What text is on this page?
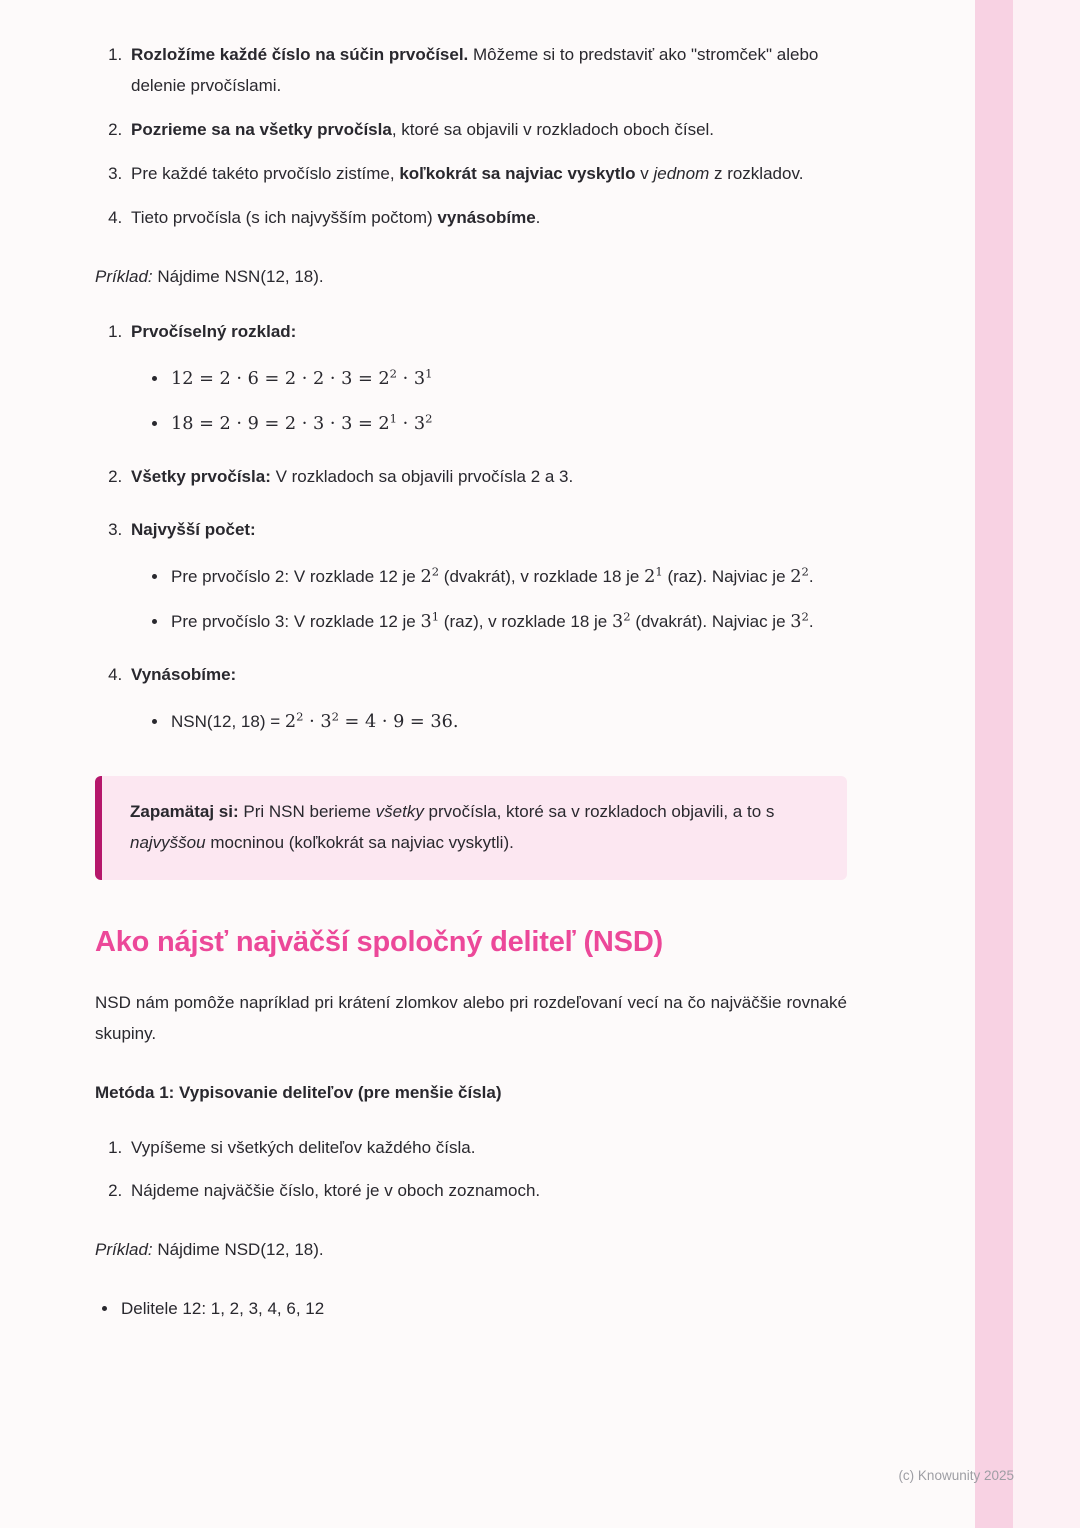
1. Rozložíme každé číslo na súčin prvočísel. Môžeme si to predstaviť ako "stromček" alebo delenie prvočíslami.
2. Pozrieme sa na všetky prvočísla, ktoré sa objavili v rozkladoch oboch čísel.
3. Pre každé takéto prvočíslo zistíme, koľkokrát sa najviac vyskytlo v jednom z rozkladov.
4. Tieto prvočísla (s ich najvyšším počtom) vynásobíme.

Príklad: Nájdime NSN(12, 18).

1. Prvočíselný rozklad:
• $12 = 2 \cdot 6 = 2 \cdot 2 \cdot 3 = 2^2 \cdot 3^1$
• $18 = 2 \cdot 9 = 2 \cdot 3 \cdot 3 = 2^1 \cdot 3^2$
2. Všetky prvočísla: V rozkladoch sa objavili prvočísla 2 a 3.
3. Najvyšší počet:
• Pre prvočíslo 2: V rozklade 12 je $2^2$ (dvakrát), v rozklade 18 je $2^1$ (raz). Najviac je $2^2$.
• Pre prvočíslo 3: V rozklade 12 je $3^1$ (raz), v rozklade 18 je $3^2$ (dvakrát). Najviac je $3^2$.
4. Vynásobíme:
• NSN(12, $18) = 2^2 \cdot 3^2 = 4 \cdot 9 = 36$.
Zapamätaj si: Pri NSN berieme všetky prvočísla, ktoré sa v rozkladoch objavili, a to s najvyššou mocninou (koľkokrát sa najviac vyskytli).
Ako nájsť najväčší spoločný deliteľ (NSD)

NSD nám pomôže napríklad pri krátení zlomkov alebo pri rozdeľovaní vecí na čo najväčšie rovnaké skupiny.

Metóda 1: Vypisovanie deliteľov (pre menšie čísla)

1. Vypíšeme si všetkých deliteľov každého čísla.
2. Nájdeme najväčšie číslo, ktoré je v oboch zoznamoch.

Príklad: Nájdime NSD(12, 18).

• Delitele 12: 1, 2, 3, 4, 6, 12
(c) Knowunity 2025
